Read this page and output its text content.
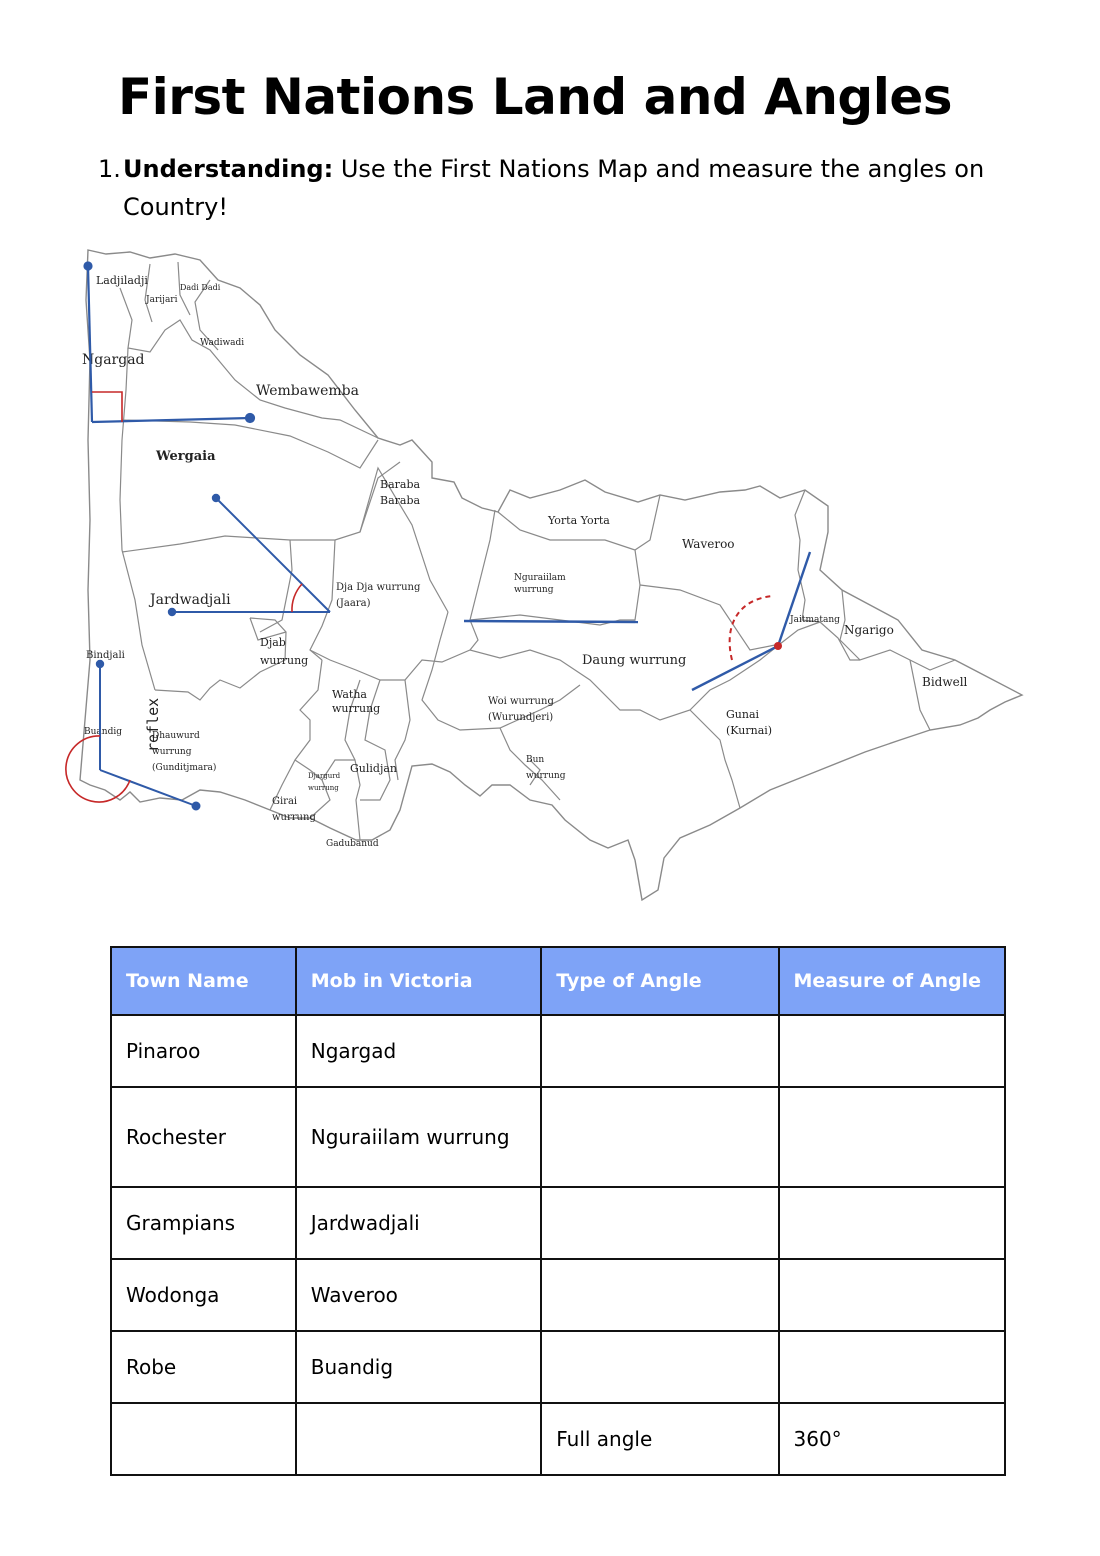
First Nations Land and Angles
1. Understanding: Use the First Nations Map and measure the angles on Country!
Ladjiladji
Jarijari
Dadi Dadi
Wadiwadi
Ngargad
Wembawemba
Wergaia
Baraba
Baraba
Yorta Yorta
Waveroo
Nguraiilam
wurrung
Jardwadjali
Dja Dja wurrung
(Jaara)
Djab
wurrung
Jaitmatang
Ngarigo
Daung wurrung
Bindjali
Bidwell
Watha
wurrung
Woi wurrung
(Wurundjeri)	Gunai
(Kurnai)
Buandig	Dhauwurd
wurrung
(Gunditjmara)
Djargurd
wurrung
Gulidjan
Bun
wurrung
Girai
wurrung
Gadubanud
reflex
Town Name	Mob in Victoria	Type of Angle	Measure of Angle
Pinaroo	Ngargad		
Rochester	Nguraiilam wurrung		
Grampians	Jardwadjali		
Wodonga	Waveroo		
Robe	Buandig		
		Full angle	360°
